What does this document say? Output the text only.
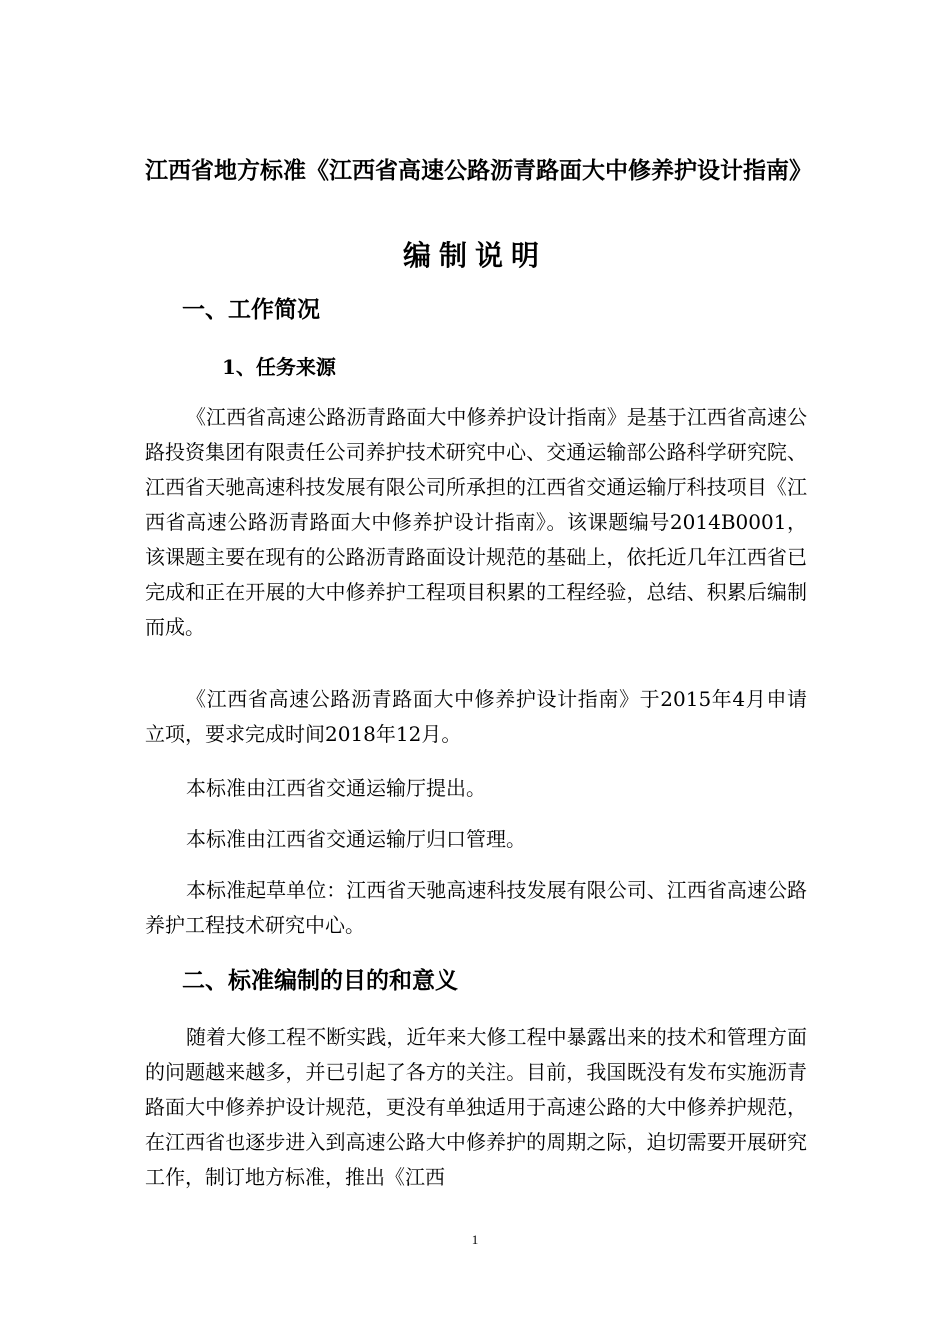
江西省地方标准《江西省高速公路沥青路面大中修养护设计指南》
编制说明
一、工作简况
1、任务来源

《江西省高速公路沥青路面大中修养护设计指南》是基于江西省高速公路投资集团有限责任公司养护技术研究中心、交通运输部公路科学研究院、江西省天驰高速科技发展有限公司所承担的江西省交通运输厅科技项目《江西省高速公路沥青路面大中修养护设计指南》。该课题编号2014B0001，该课题主要在现有的公路沥青路面设计规范的基础上，依托近几年江西省已完成和正在开展的大中修养护工程项目积累的工程经验，总结、积累后编制而成。

《江西省高速公路沥青路面大中修养护设计指南》于2015年4月申请立项，要求完成时间2018年12月。

本标准由江西省交通运输厅提出。

本标准由江西省交通运输厅归口管理。

本标准起草单位：江西省天驰高速科技发展有限公司、江西省高速公路养护工程技术研究中心。

二、标准编制的目的和意义

随着大修工程不断实践，近年来大修工程中暴露出来的技术和管理方面的问题越来越多，并已引起了各方的关注。目前，我国既没有发布实施沥青路面大中修养护设计规范，更没有单独适用于高速公路的大中修养护规范，在江西省也逐步进入到高速公路大中修养护的周期之际，迫切需要开展研究工作，制订地方标准，推出《江西

1
